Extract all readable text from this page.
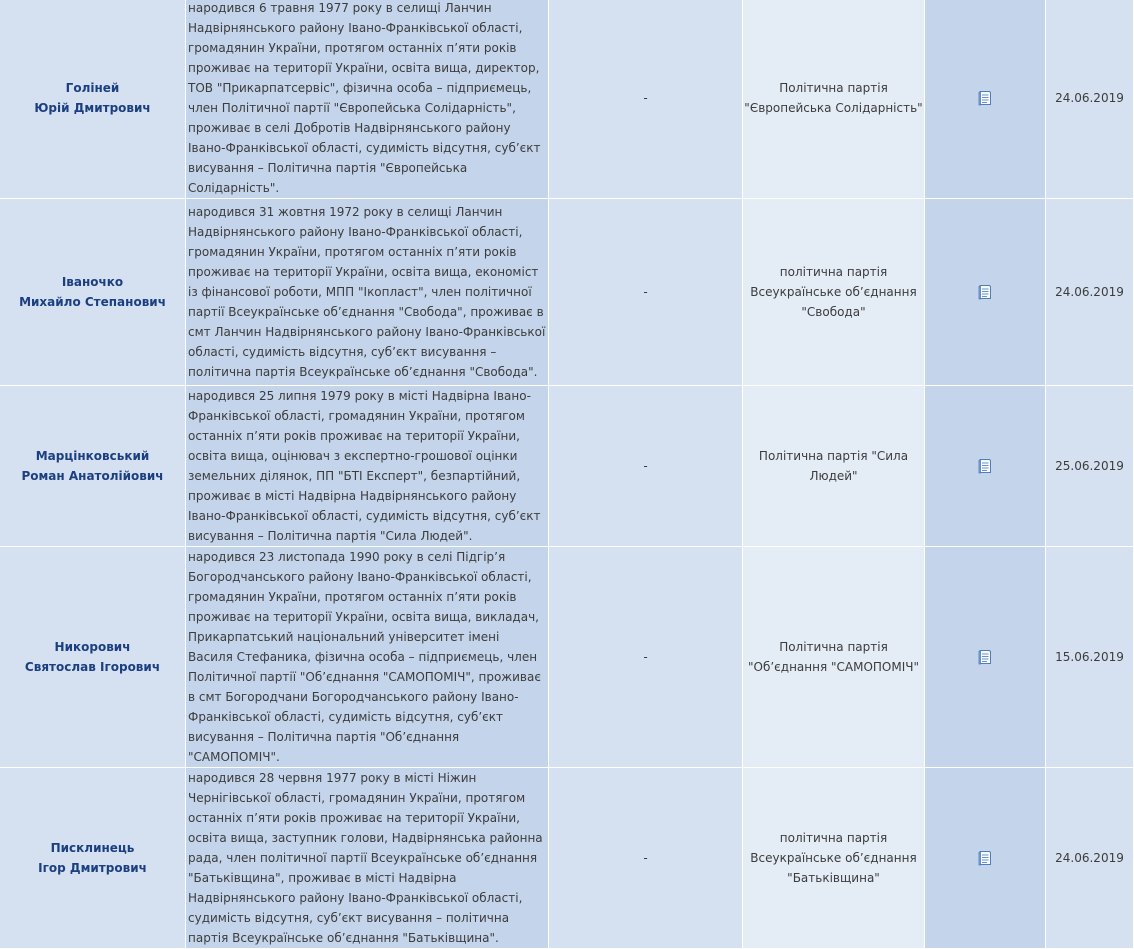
Голіней
Юрій Дмитрович	народився 6 травня 1977 року в селищі Ланчин Надвірнянського району Івано-Франківської області, громадянин України, протягом останніх п’яти років проживає на території України, освіта вища, директор, ТОВ "Прикарпатсервіс", фізична особа – підприємець, член Політичної партії "Європейська Солідарність", проживає в селі Добротів Надвірнянського району Івано-Франківської області, судимість відсутня, суб’єкт висування – Політична партія "Європейська Солідарність".	-	Політична партія "Європейська Солідарність"		24.06.2019

Іваночко
Михайло Степанович	народився 31 жовтня 1972 року в селищі Ланчин Надвірнянського району Івано-Франківської області, громадянин України, протягом останніх п’яти років проживає на території України, освіта вища, економіст із фінансової роботи, МПП "Ікопласт", член політичної партії Всеукраїнське об’єднання "Свобода", проживає в смт Ланчин Надвірнянського району Івано-Франківської області, судимість відсутня, суб’єкт висування – політична партія Всеукраїнське об’єднання "Свобода".	-	політична партія Всеукраїнське об’єднання "Свобода"		24.06.2019

Марцінковський
Роман Анатолійович	народився 25 липня 1979 року в місті Надвірна Івано-Франківської області, громадянин України, протягом останніх п’яти років проживає на території України, освіта вища, оцінювач з експертно-грошової оцінки земельних ділянок, ПП "БТІ Експерт", безпартійний, проживає в місті Надвірна Надвірнянського району Івано-Франківської області, судимість відсутня, суб’єкт висування – Політична партія "Сила Людей".	-	Політична партія "Сила Людей"		25.06.2019

Никорович
Святослав Ігорович	народився 23 листопада 1990 року в селі Підгір’я Богородчанського району Івано-Франківської області, громадянин України, протягом останніх п’яти років проживає на території України, освіта вища, викладач, Прикарпатський національний університет імені Василя Стефаника, фізична особа – підприємець, член Політичної партії "Об’єднання "САМОПОМІЧ", проживає в смт Богородчани Богородчанського району Івано-Франківської області, судимість відсутня, суб’єкт висування – Політична партія "Об’єднання "САМОПОМІЧ".	-	Політична партія "Об’єднання "САМОПОМІЧ"		15.06.2019

Писклинець
Ігор Дмитрович	народився 28 червня 1977 року в місті Ніжин Чернігівської області, громадянин України, протягом останніх п’яти років проживає на території України, освіта вища, заступник голови, Надвірнянська районна рада, член політичної партії Всеукраїнське об’єднання "Батьківщина", проживає в місті Надвірна Надвірнянського району Івано-Франківської області, судимість відсутня, суб’єкт висування – політична партія Всеукраїнське об’єднання "Батьківщина".	-	політична партія Всеукраїнське об’єднання "Батьківщина"		24.06.2019
